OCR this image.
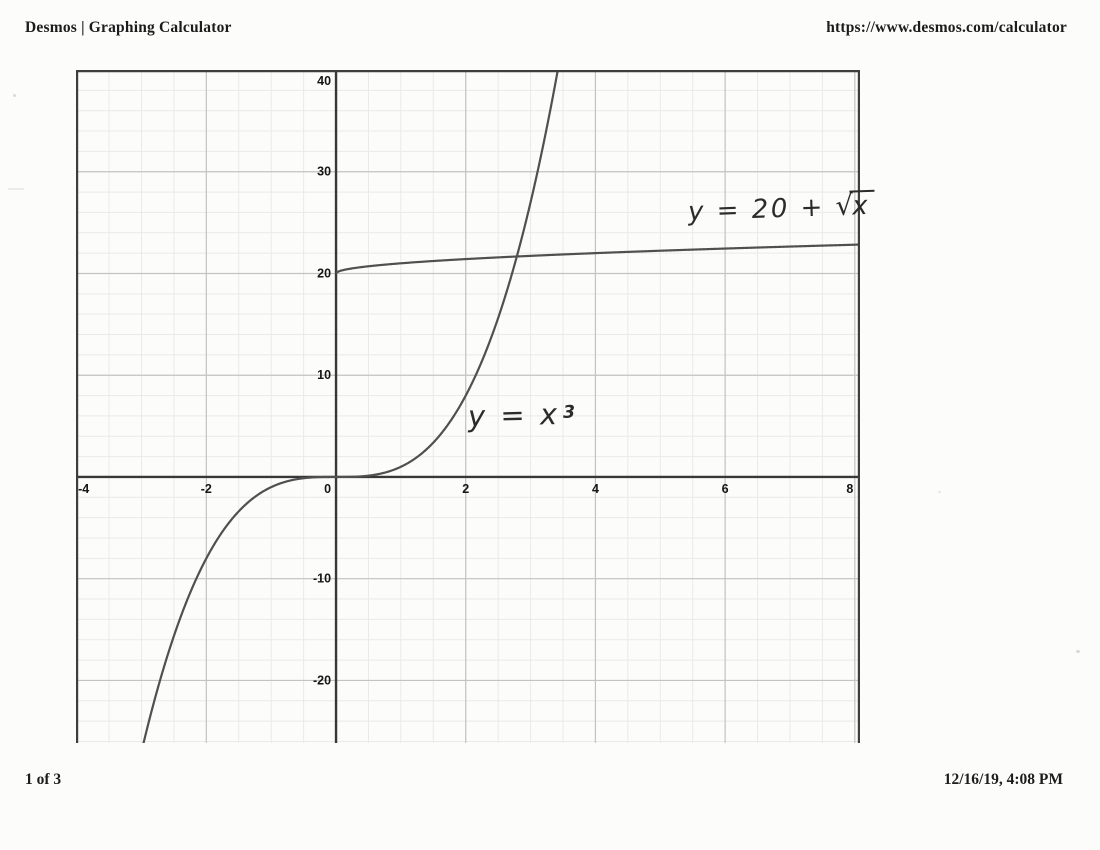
Desmos | Graphing Calculator	https://www.desmos.com/calculator
-4	-2	2	4	6	8
-20
-10
10
20
30
40
0
y = 20 + √x
y = x $^3$
1 of 3	12/16/19, 4:08 PM
